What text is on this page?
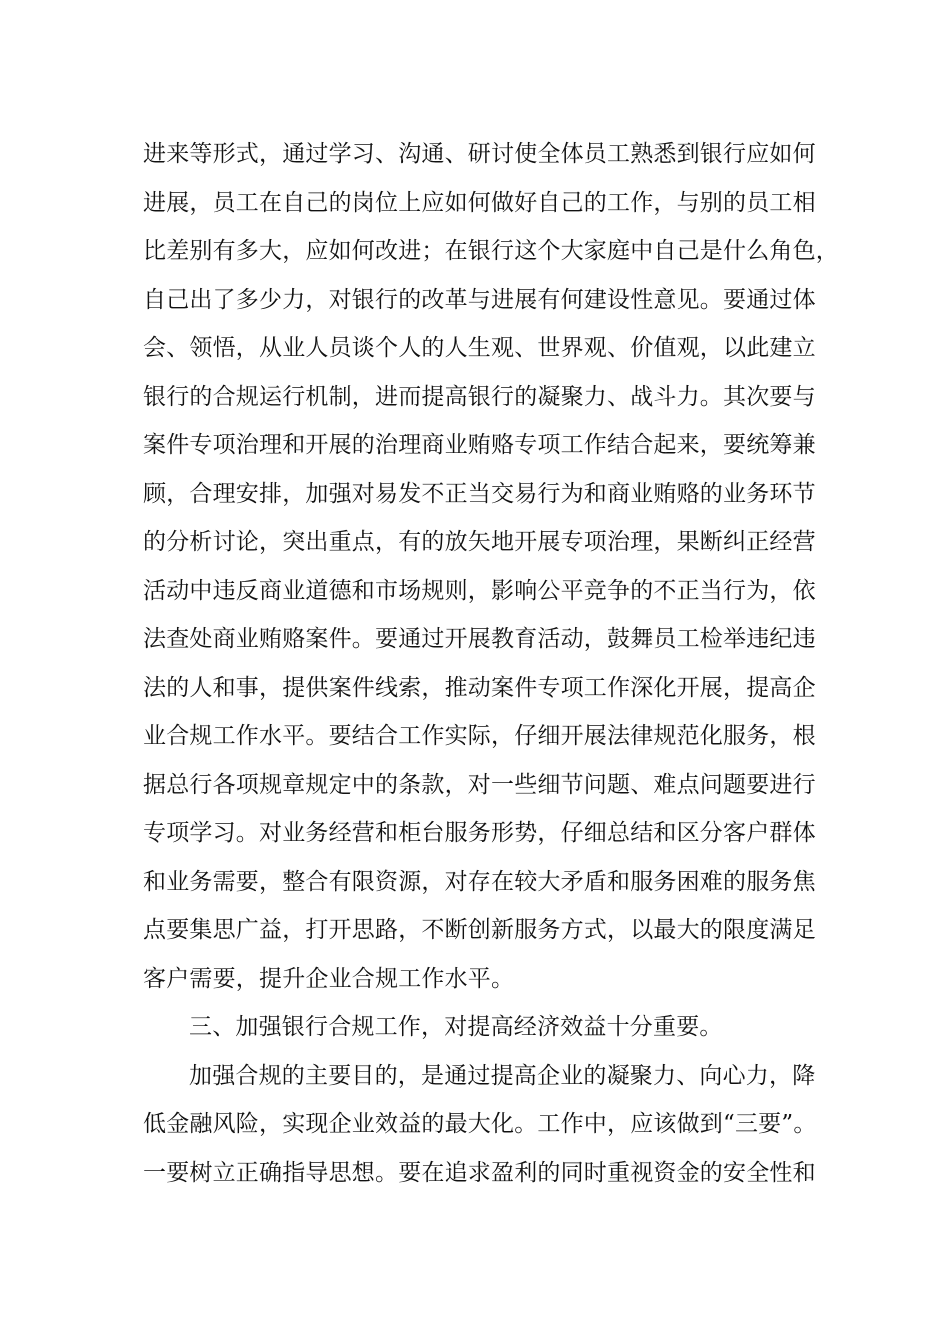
进来等形式，通过学习、沟通、研讨使全体员工熟悉到银行应如何
进展，员工在自己的岗位上应如何做好自己的工作，与别的员工相
比差别有多大，应如何改进；在银行这个大家庭中自己是什么角色，
自己出了多少力，对银行的改革与进展有何建设性意见。要通过体
会、领悟，从业人员谈个人的人生观、世界观、价值观，以此建立
银行的合规运行机制，进而提高银行的凝聚力、战斗力。其次要与
案件专项治理和开展的治理商业贿赂专项工作结合起来，要统筹兼
顾，合理安排，加强对易发不正当交易行为和商业贿赂的业务环节
的分析讨论，突出重点，有的放矢地开展专项治理，果断纠正经营
活动中违反商业道德和市场规则，影响公平竞争的不正当行为，依
法查处商业贿赂案件。要通过开展教育活动，鼓舞员工检举违纪违
法的人和事，提供案件线索，推动案件专项工作深化开展，提高企
业合规工作水平。要结合工作实际，仔细开展法律规范化服务，根
据总行各项规章规定中的条款，对一些细节问题、难点问题要进行
专项学习。对业务经营和柜台服务形势，仔细总结和区分客户群体
和业务需要，整合有限资源，对存在较大矛盾和服务困难的服务焦
点要集思广益，打开思路，不断创新服务方式，以最大的限度满足
客户需要，提升企业合规工作水平。
三、加强银行合规工作，对提高经济效益十分重要。
加强合规的主要目的，是通过提高企业的凝聚力、向心力，降
低金融风险，实现企业效益的最大化。工作中，应该做到“三要”。
一要树立正确指导思想。要在追求盈利的同时重视资金的安全性和
